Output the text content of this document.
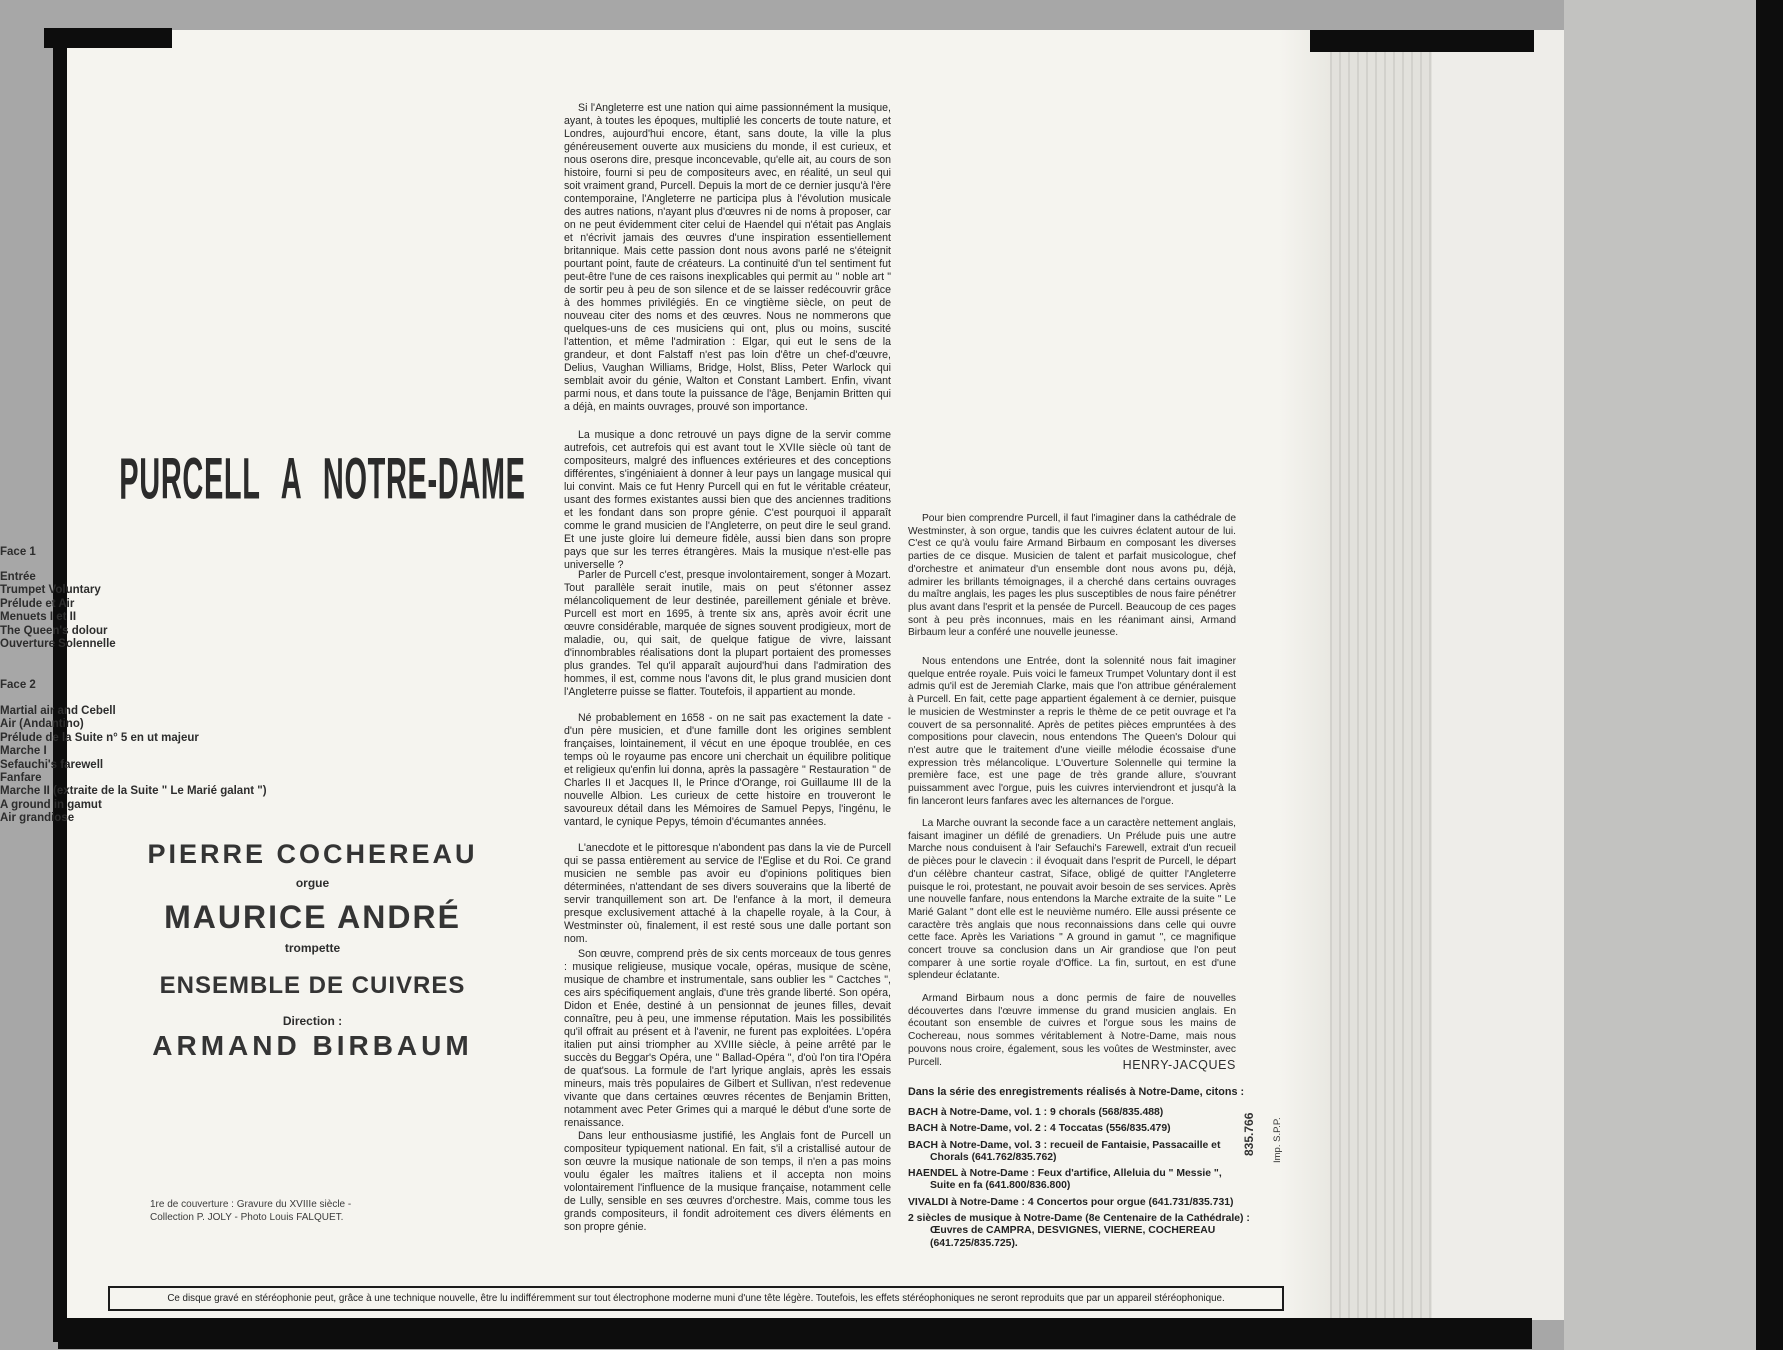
PURCELL A NOTRE-DAME
Face 1
Entrée
Trumpet Voluntary
Prélude et Air
Menuets I et II
The Queen's dolour
Ouverture Solennelle
Face 2
Martial air and Cebell
Air (Andantino)
Prélude de la Suite n° 5 en ut majeur
Marche I
Sefauchi's farewell
Fanfare
Marche II (extraite de la Suite " Le Marié galant ")
A ground in gamut
Air grandiose
PIERRE COCHEREAU
orgue
MAURICE ANDRÉ
trompette
ENSEMBLE DE CUIVRES
Direction :
ARMAND BIRBAUM
1re de couverture : Gravure du XVIIIe siècle -
Collection P. JOLY - Photo Louis FALQUET.

Si l'Angleterre est une nation qui aime passionnément la musique, ayant, à toutes les époques, multiplié les concerts de toute nature, et Londres, aujourd'hui encore, étant, sans doute, la ville la plus généreusement ouverte aux musiciens du monde, il est curieux, et nous oserons dire, presque inconcevable, qu'elle ait, au cours de son histoire, fourni si peu de compositeurs avec, en réalité, un seul qui soit vraiment grand, Purcell. Depuis la mort de ce dernier jusqu'à l'ère contemporaine, l'Angleterre ne participa plus à l'évolution musicale des autres nations, n'ayant plus d'œuvres ni de noms à proposer, car on ne peut évidemment citer celui de Haendel qui n'était pas Anglais et n'écrivit jamais des œuvres d'une inspiration essentiellement britannique. Mais cette passion dont nous avons parlé ne s'éteignit pourtant point, faute de créateurs. La continuité d'un tel sentiment fut peut-être l'une de ces raisons inexplicables qui permit au " noble art " de sortir peu à peu de son silence et de se laisser redécouvrir grâce à des hommes privilégiés. En ce vingtième siècle, on peut de nouveau citer des noms et des œuvres. Nous ne nommerons que quelques-uns de ces musiciens qui ont, plus ou moins, suscité l'attention, et même l'admiration : Elgar, qui eut le sens de la grandeur, et dont Falstaff n'est pas loin d'être un chef-d'œuvre, Delius, Vaughan Williams, Bridge, Holst, Bliss, Peter Warlock qui semblait avoir du génie, Walton et Constant Lambert. Enfin, vivant parmi nous, et dans toute la puissance de l'âge, Benjamin Britten qui a déjà, en maints ouvrages, prouvé son importance.

La musique a donc retrouvé un pays digne de la servir comme autrefois, cet autrefois qui est avant tout le XVIIe siècle où tant de compositeurs, malgré des influences extérieures et des conceptions différentes, s'ingéniaient à donner à leur pays un langage musical qui lui convint. Mais ce fut Henry Purcell qui en fut le véritable créateur, usant des formes existantes aussi bien que des anciennes traditions et les fondant dans son propre génie. C'est pourquoi il apparaît comme le grand musicien de l'Angleterre, on peut dire le seul grand. Et une juste gloire lui demeure fidèle, aussi bien dans son propre pays que sur les terres étrangères. Mais la musique n'est-elle pas universelle ?

Parler de Purcell c'est, presque involontairement, songer à Mozart. Tout parallèle serait inutile, mais on peut s'étonner assez mélancoliquement de leur destinée, pareillement géniale et brève. Purcell est mort en 1695, à trente six ans, après avoir écrit une œuvre considérable, marquée de signes souvent prodigieux, mort de maladie, ou, qui sait, de quelque fatigue de vivre, laissant d'innombrables réalisations dont la plupart portaient des promesses plus grandes. Tel qu'il apparaît aujourd'hui dans l'admiration des hommes, il est, comme nous l'avons dit, le plus grand musicien dont l'Angleterre puisse se flatter. Toutefois, il appartient au monde.

Né probablement en 1658 - on ne sait pas exactement la date - d'un père musicien, et d'une famille dont les origines semblent françaises, lointainement, il vécut en une époque troublée, en ces temps où le royaume pas encore uni cherchait un équilibre politique et religieux qu'enfin lui donna, après la passagère " Restauration " de Charles II et Jacques II, le Prince d'Orange, roi Guillaume III de la nouvelle Albion. Les curieux de cette histoire en trouveront le savoureux détail dans les Mémoires de Samuel Pepys, l'ingénu, le vantard, le cynique Pepys, témoin d'écumantes années.

L'anecdote et le pittoresque n'abondent pas dans la vie de Purcell qui se passa entièrement au service de l'Eglise et du Roi. Ce grand musicien ne semble pas avoir eu d'opinions politiques bien déterminées, n'attendant de ses divers souverains que la liberté de servir tranquillement son art. De l'enfance à la mort, il demeura presque exclusivement attaché à la chapelle royale, à la Cour, à Westminster où, finalement, il est resté sous une dalle portant son nom.

Son œuvre, comprend près de six cents morceaux de tous genres : musique religieuse, musique vocale, opéras, musique de scène, musique de chambre et instrumentale, sans oublier les " Cactches ", ces airs spécifiquement anglais, d'une très grande liberté. Son opéra, Didon et Enée, destiné à un pensionnat de jeunes filles, devait connaître, peu à peu, une immense réputation. Mais les possibilités qu'il offrait au présent et à l'avenir, ne furent pas exploitées. L'opéra italien put ainsi triompher au XVIIIe siècle, à peine arrêté par le succès du Beggar's Opéra, une " Ballad-Opéra ", d'où l'on tira l'Opéra de quat'sous. La formule de l'art lyrique anglais, après les essais mineurs, mais très populaires de Gilbert et Sullivan, n'est redevenue vivante que dans certaines œuvres récentes de Benjamin Britten, notamment avec Peter Grimes qui a marqué le début d'une sorte de renaissance.

Dans leur enthousiasme justifié, les Anglais font de Purcell un compositeur typiquement national. En fait, s'il a cristallisé autour de son œuvre la musique nationale de son temps, il n'en a pas moins voulu égaler les maîtres italiens et il accepta non moins volontairement l'influence de la musique française, notamment celle de Lully, sensible en ses œuvres d'orchestre. Mais, comme tous les grands compositeurs, il fondit adroitement ces divers éléments en son propre génie.

Pour bien comprendre Purcell, il faut l'imaginer dans la cathédrale de Westminster, à son orgue, tandis que les cuivres éclatent autour de lui. C'est ce qu'à voulu faire Armand Birbaum en composant les diverses parties de ce disque. Musicien de talent et parfait musicologue, chef d'orchestre et animateur d'un ensemble dont nous avons pu, déjà, admirer les brillants témoignages, il a cherché dans certains ouvrages du maître anglais, les pages les plus susceptibles de nous faire pénétrer plus avant dans l'esprit et la pensée de Purcell. Beaucoup de ces pages sont à peu près inconnues, mais en les réanimant ainsi, Armand Birbaum leur a conféré une nouvelle jeunesse.

Nous entendons une Entrée, dont la solennité nous fait imaginer quelque entrée royale. Puis voici le fameux Trumpet Voluntary dont il est admis qu'il est de Jeremiah Clarke, mais que l'on attribue généralement à Purcell. En fait, cette page appartient également à ce dernier, puisque le musicien de Westminster a repris le thème de ce petit ouvrage et l'a couvert de sa personnalité. Après de petites pièces empruntées à des compositions pour clavecin, nous entendons The Queen's Dolour qui n'est autre que le traitement d'une vieille mélodie écossaise d'une expression très mélancolique. L'Ouverture Solennelle qui termine la première face, est une page de très grande allure, s'ouvrant puissamment avec l'orgue, puis les cuivres interviendront et jusqu'à la fin lanceront leurs fanfares avec les alternances de l'orgue.

La Marche ouvrant la seconde face a un caractère nettement anglais, faisant imaginer un défilé de grenadiers. Un Prélude puis une autre Marche nous conduisent à l'air Sefauchi's Farewell, extrait d'un recueil de pièces pour le clavecin : il évoquait dans l'esprit de Purcell, le départ d'un célèbre chanteur castrat, Siface, obligé de quitter l'Angleterre puisque le roi, protestant, ne pouvait avoir besoin de ses services. Après une nouvelle fanfare, nous entendons la Marche extraite de la suite " Le Marié Galant " dont elle est le neuvième numéro. Elle aussi présente ce caractère très anglais que nous reconnaissions dans celle qui ouvre cette face. Après les Variations " A ground in gamut ", ce magnifique concert trouve sa conclusion dans un Air grandiose que l'on peut comparer à une sortie royale d'Office. La fin, surtout, en est d'une splendeur éclatante.

Armand Birbaum nous a donc permis de faire de nouvelles découvertes dans l'œuvre immense du grand musicien anglais. En écoutant son ensemble de cuivres et l'orgue sous les mains de Cochereau, nous sommes véritablement à Notre-Dame, mais nous pouvons nous croire, également, sous les voûtes de Westminster, avec Purcell.	HENRY-JACQUES
Dans la série des enregistrements réalisés à Notre-Dame, citons :

BACH à Notre-Dame, vol. 1 : 9 chorals (568/835.488)

BACH à Notre-Dame, vol. 2 : 4 Toccatas (556/835.479)

BACH à Notre-Dame, vol. 3 : recueil de Fantaisie, Passacaille et Chorals (641.762/835.762)

HAENDEL à Notre-Dame : Feux d'artifice, Alleluia du " Messie ", Suite en fa (641.800/836.800)

VIVALDI à Notre-Dame : 4 Concertos pour orgue (641.731/835.731)

2 siècles de musique à Notre-Dame (8e Centenaire de la Cathédrale) : Œuvres de CAMPRA, DESVIGNES, VIERNE, COCHEREAU (641.725/835.725).

835.766 Imp. S.P.P.
Ce disque gravé en stéréophonie peut, grâce à une technique nouvelle, être lu indifféremment sur tout électrophone moderne muni d'une tête légère. Toutefois, les effets stéréophoniques ne seront reproduits que par un appareil stéréophonique.
